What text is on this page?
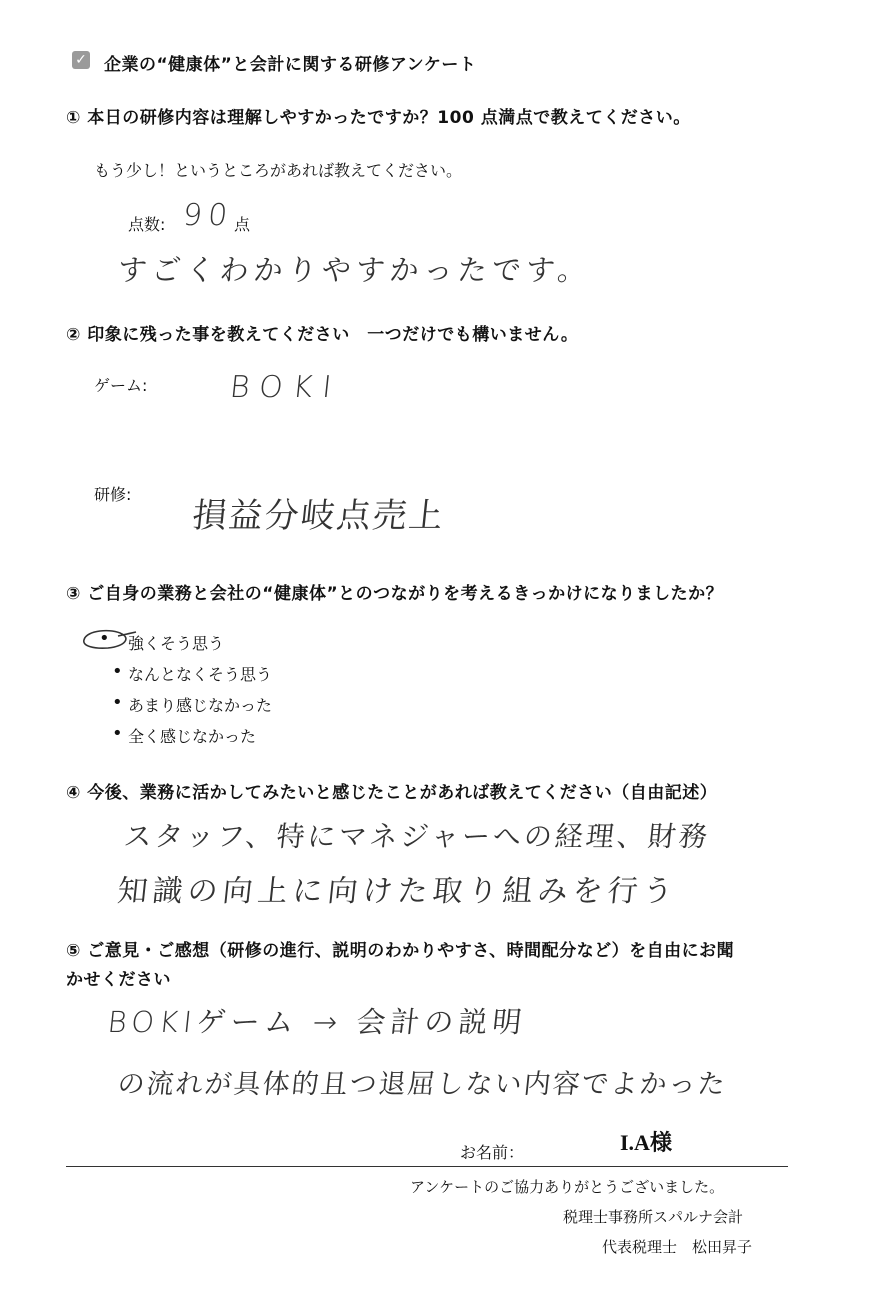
✓ 企業の“健康体”と会計に関する研修アンケート
① 本日の研修内容は理解しやすかったですか？100 点満点で教えてください。
もう少し！というところがあれば教えてください。
点数: 90
点
すごくわかりやすかったです。
② 印象に残った事を教えてください　一つだけでも構いません。
ゲーム:	BOKI
研修:
損益分岐点売上
③ ご自身の業務と会社の“健康体”とのつながりを考えるきっかけになりましたか？
• 強くそう思う
• なんとなくそう思う
• あまり感じなかった
• 全く感じなかった
④ 今後、業務に活かしてみたいと感じたことがあれば教えてください（自由記述）
スタッフ、特にマネジャーへの経理、財務
知識の向上に向けた取り組みを行う
⑤ ご意見・ご感想（研修の進行、説明のわかりやすさ、時間配分など）を自由にお聞
かせください
BOKIゲーム → 会計の説明
の流れが具体的且つ退屈しない内容でよかった
お名前：	I.A様
アンケートのご協力ありがとうございました。
税理士事務所スパルナ会計
代表税理士　松田昇子
